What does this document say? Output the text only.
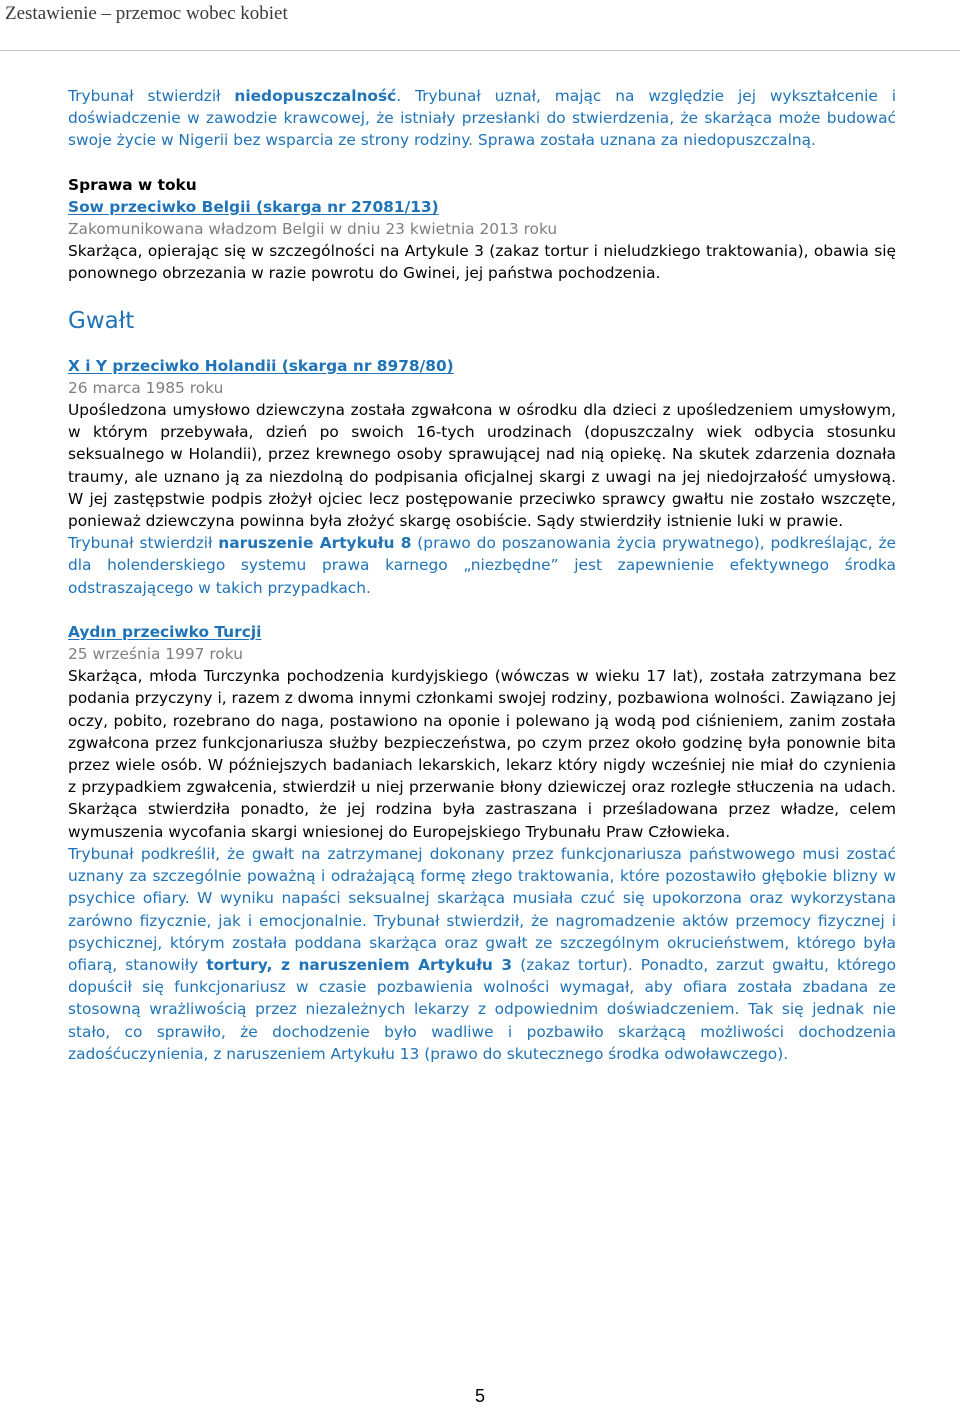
Zestawienie – przemoc wobec kobiet

Trybunał stwierdził niedopuszczalność. Trybunał uznał, mając na względzie jej wykształcenie i doświadczenie w zawodzie krawcowej, że istniały przesłanki do stwierdzenia, że skarżąca może budować swoje życie w Nigerii bez wsparcia ze strony rodziny. Sprawa została uznana za niedopuszczalną.

Sprawa w toku

Sow przeciwko Belgii (skarga nr 27081/13)

Zakomunikowana władzom Belgii w dniu 23 kwietnia 2013 roku

Skarżąca, opierając się w szczególności na Artykule 3 (zakaz tortur i nieludzkiego traktowania), obawia się ponownego obrzezania w razie powrotu do Gwinei, jej państwa pochodzenia.

Gwałt

X i Y przeciwko Holandii (skarga nr 8978/80)

26 marca 1985 roku

Upośledzona umysłowo dziewczyna została zgwałcona w ośrodku dla dzieci z upośledzeniem umysłowym, w którym przebywała, dzień po swoich 16-tych urodzinach (dopuszczalny wiek odbycia stosunku seksualnego w Holandii), przez krewnego osoby sprawującej nad nią opiekę. Na skutek zdarzenia doznała traumy, ale uznano ją za niezdolną do podpisania oficjalnej skargi z uwagi na jej niedojrzałość umysłową. W jej zastępstwie podpis złożył ojciec lecz postępowanie przeciwko sprawcy gwałtu nie zostało wszczęte, ponieważ dziewczyna powinna była złożyć skargę osobiście. Sądy stwierdziły istnienie luki w prawie.

Trybunał stwierdził naruszenie Artykułu 8 (prawo do poszanowania życia prywatnego), podkreślając, że dla holenderskiego systemu prawa karnego „niezbędne” jest zapewnienie efektywnego środka odstraszającego w takich przypadkach.

Aydın przeciwko Turcji

25 września 1997 roku

Skarżąca, młoda Turczynka pochodzenia kurdyjskiego (wówczas w wieku 17 lat), została zatrzymana bez podania przyczyny i, razem z dwoma innymi członkami swojej rodziny, pozbawiona wolności. Zawiązano jej oczy, pobito, rozebrano do naga, postawiono na oponie i polewano ją wodą pod ciśnieniem, zanim została zgwałcona przez funkcjonariusza służby bezpieczeństwa, po czym przez około godzinę była ponownie bita przez wiele osób. W późniejszych badaniach lekarskich, lekarz który nigdy wcześniej nie miał do czynienia z przypadkiem zgwałcenia, stwierdził u niej przerwanie błony dziewiczej oraz rozległe stłuczenia na udach. Skarżąca stwierdziła ponadto, że jej rodzina była zastraszana i prześladowana przez władze, celem wymuszenia wycofania skargi wniesionej do Europejskiego Trybunału Praw Człowieka.

Trybunał podkreślił, że gwałt na zatrzymanej dokonany przez funkcjonariusza państwowego musi zostać uznany za szczególnie poważną i odrażającą formę złego traktowania, które pozostawiło głębokie blizny w psychice ofiary. W wyniku napaści seksualnej skarżąca musiała czuć się upokorzona oraz wykorzystana zarówno fizycznie, jak i emocjonalnie. Trybunał stwierdził, że nagromadzenie aktów przemocy fizycznej i psychicznej, którym została poddana skarżąca oraz gwałt ze szczególnym okrucieństwem, którego była ofiarą, stanowiły tortury, z naruszeniem Artykułu 3 (zakaz tortur). Ponadto, zarzut gwałtu, którego dopuścił się funkcjonariusz w czasie pozbawienia wolności wymagał, aby ofiara została zbadana ze stosowną wrażliwością przez niezależnych lekarzy z odpowiednim doświadczeniem. Tak się jednak nie stało, co sprawiło, że dochodzenie było wadliwe i pozbawiło skarżącą możliwości dochodzenia zadośćuczynienia, z naruszeniem Artykułu 13 (prawo do skutecznego środka odwoławczego).

5
